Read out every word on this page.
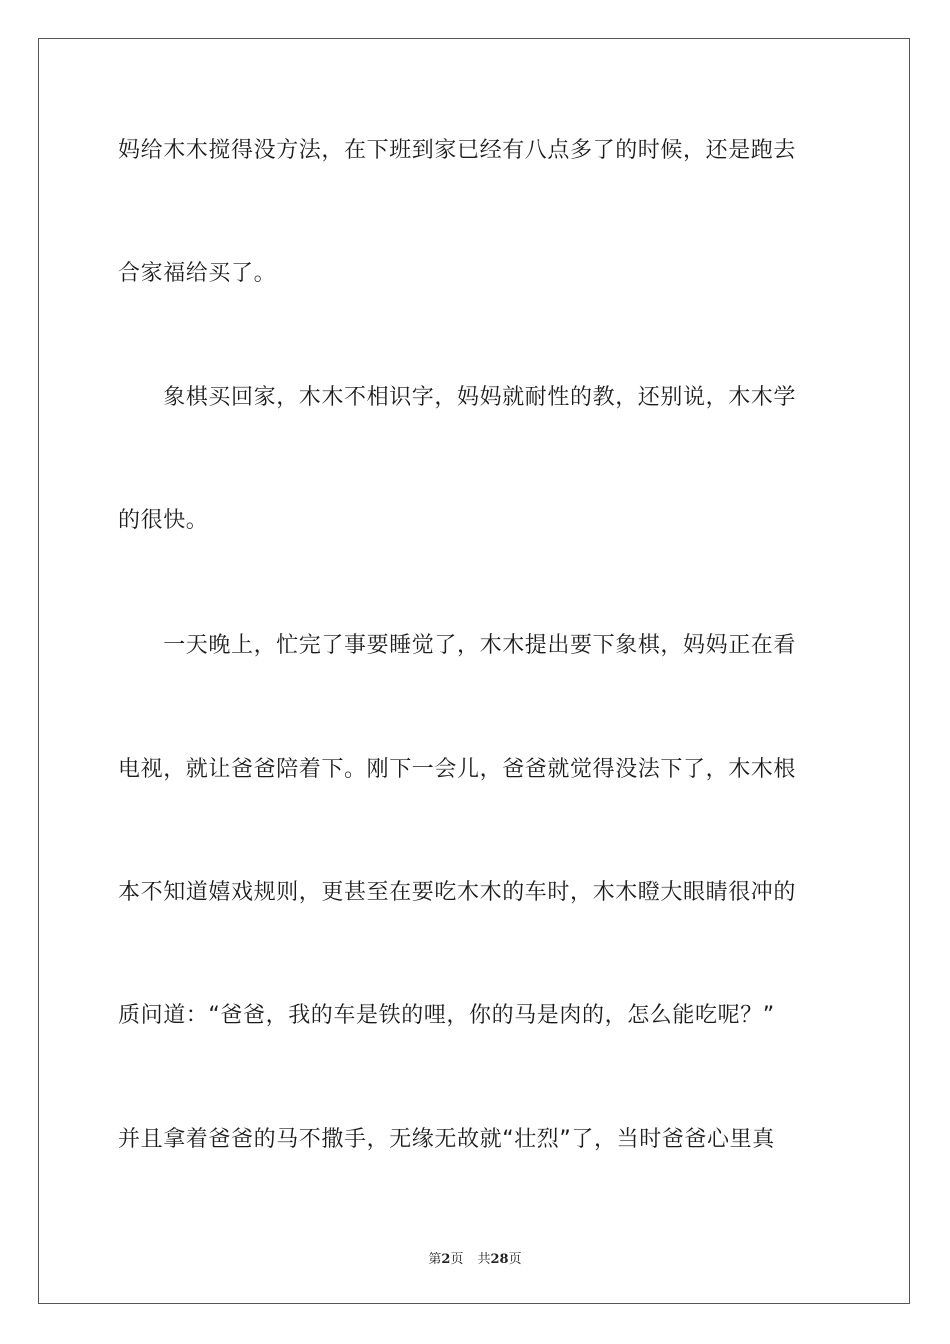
妈给木木搅得没方法，在下班到家已经有八点多了的时候，还是跑去
合家福给买了。
　　象棋买回家，木木不相识字，妈妈就耐性的教，还别说，木木学
的很快。
　　一天晚上，忙完了事要睡觉了，木木提出要下象棋，妈妈正在看
电视，就让爸爸陪着下。刚下一会儿，爸爸就觉得没法下了，木木根
本不知道嬉戏规则，更甚至在要吃木木的车时，木木瞪大眼睛很冲的
质问道：“爸爸，我的车是铁的哩，你的马是肉的，怎么能吃呢？”
并且拿着爸爸的马不撒手，无缘无故就“壮烈”了，当时爸爸心里真
第2页 共28页
